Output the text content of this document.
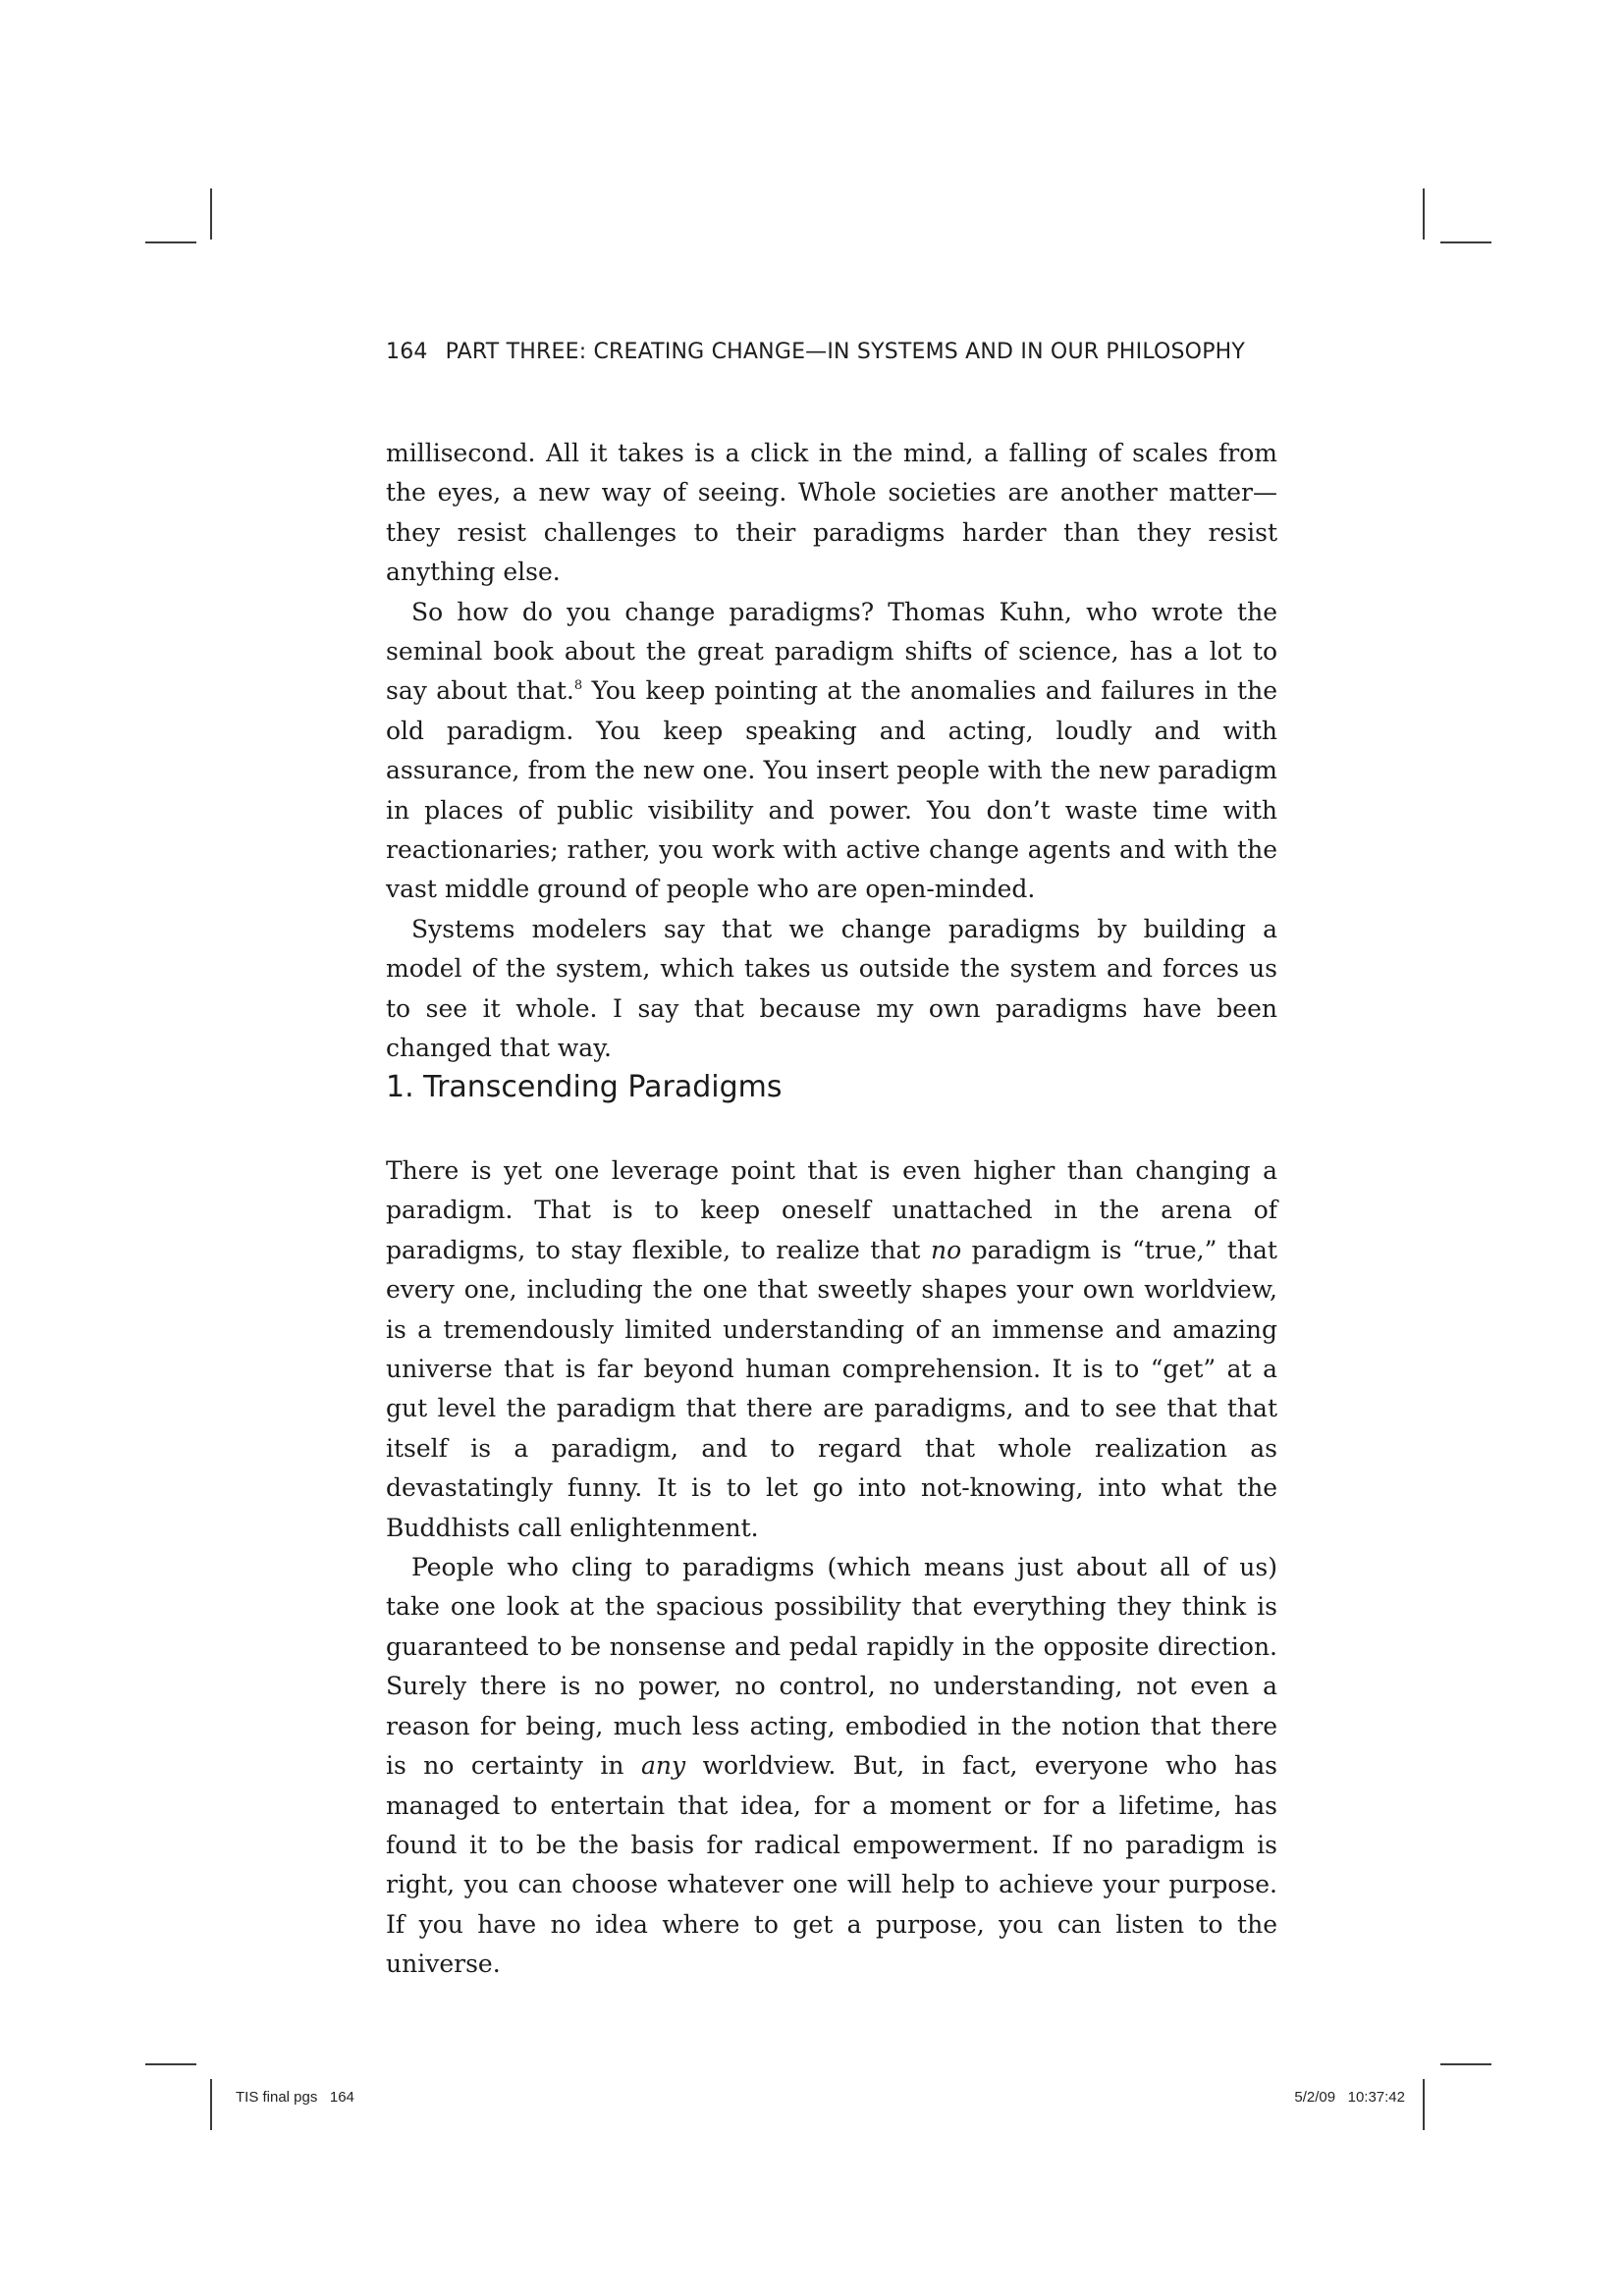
164 PART THREE: CREATING CHANGE—IN SYSTEMS AND IN OUR PHILOSOPHY

millisecond. All it takes is a click in the mind, a falling of scales from the eyes, a new way of seeing. Whole societies are another matter—they resist challenges to their paradigms harder than they resist anything else.

So how do you change paradigms? Thomas Kuhn, who wrote the seminal book about the great paradigm shifts of science, has a lot to say about that.$^8$ You keep pointing at the anomalies and failures in the old paradigm. You keep speaking and acting, loudly and with assurance, from the new one. You insert people with the new paradigm in places of public visibility and power. You don’t waste time with reactionaries; rather, you work with active change agents and with the vast middle ground of people who are open-minded.

Systems modelers say that we change paradigms by building a model of the system, which takes us outside the system and forces us to see it whole. I say that because my own paradigms have been changed that way.

1. Transcending Paradigms

There is yet one leverage point that is even higher than changing a paradigm. That is to keep oneself unattached in the arena of paradigms, to stay flexible, to realize that no paradigm is “true,” that every one, including the one that sweetly shapes your own worldview, is a tremendously limited understanding of an immense and amazing universe that is far beyond human comprehension. It is to “get” at a gut level the paradigm that there are paradigms, and to see that that itself is a paradigm, and to regard that whole realization as devastatingly funny. It is to let go into not-knowing, into what the Buddhists call enlightenment.

People who cling to paradigms (which means just about all of us) take one look at the spacious possibility that everything they think is guaranteed to be nonsense and pedal rapidly in the opposite direction. Surely there is no power, no control, no understanding, not even a reason for being, much less acting, embodied in the notion that there is no certainty in any worldview. But, in fact, everyone who has managed to entertain that idea, for a moment or for a lifetime, has found it to be the basis for radical empowerment. If no paradigm is right, you can choose whatever one will help to achieve your purpose. If you have no idea where to get a purpose, you can listen to the universe.

TIS final pgs   164	5/2/09   10:37:42
